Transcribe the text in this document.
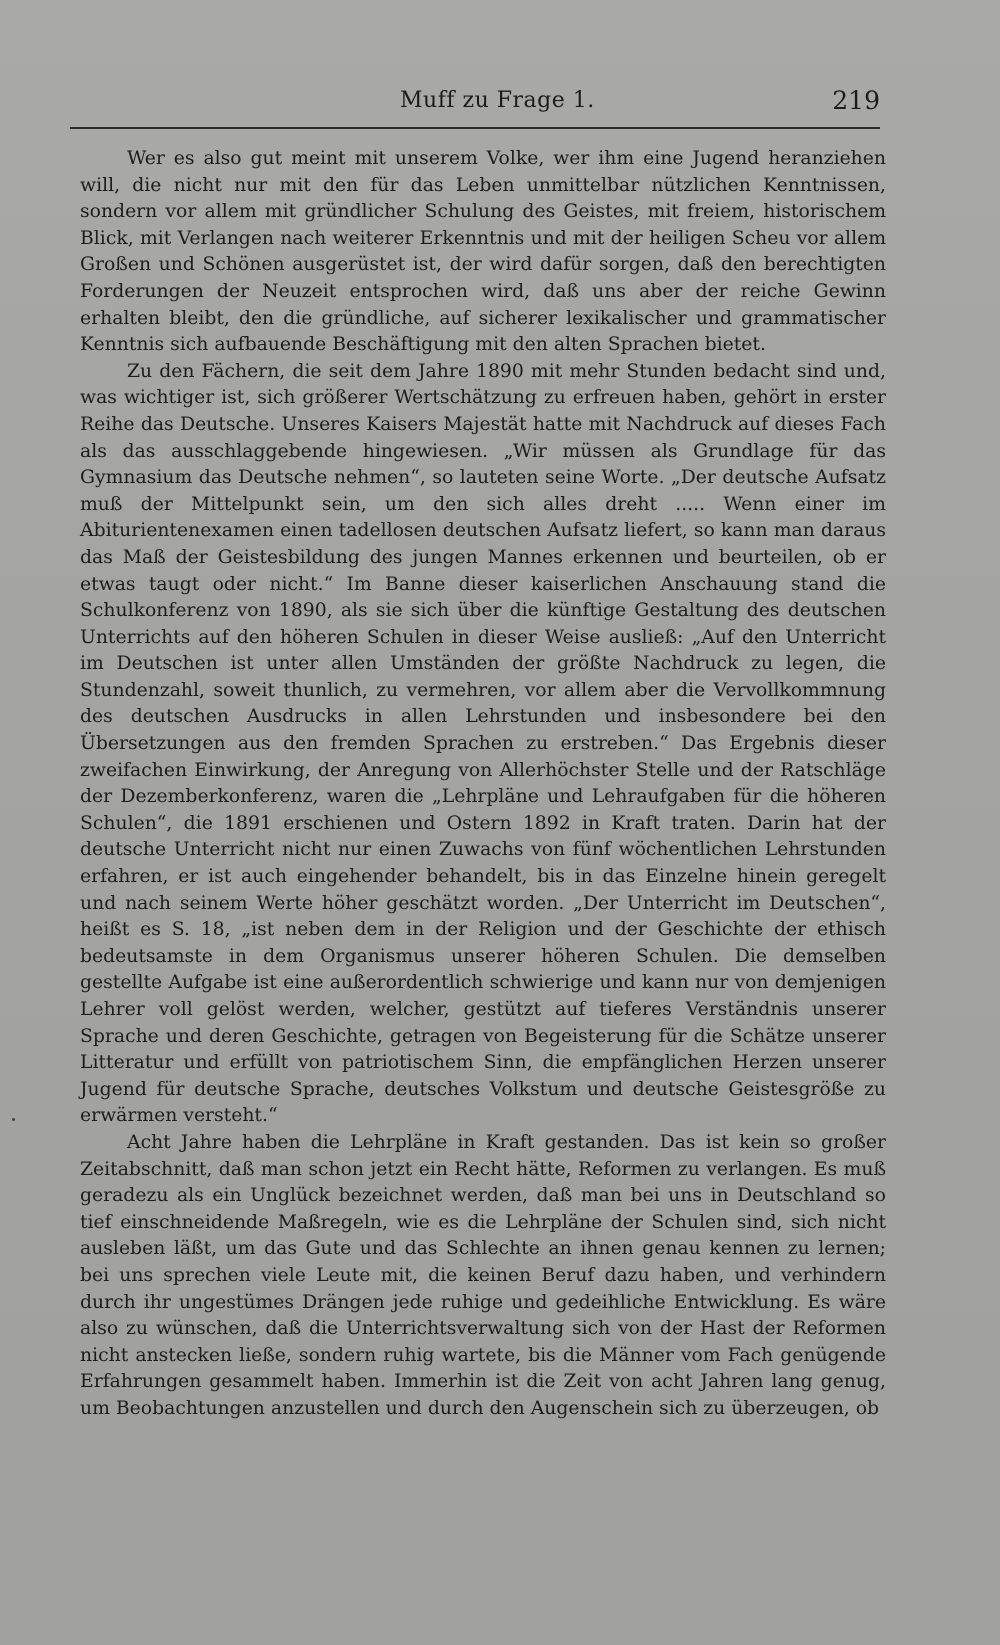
Muff zu Frage 1.	219

Wer es also gut meint mit unserem Volke, wer ihm eine Jugend heranziehen will, die nicht nur mit den für das Leben unmittelbar nützlichen Kenntnissen, sondern vor allem mit gründlicher Schulung des Geistes, mit freiem, historischem Blick, mit Verlangen nach weiterer Erkenntnis und mit der heiligen Scheu vor allem Großen und Schönen ausgerüstet ist, der wird dafür sorgen, daß den berechtigten Forderungen der Neuzeit entsprochen wird, daß uns aber der reiche Gewinn erhalten bleibt, den die gründliche, auf sicherer lexikalischer und grammatischer Kenntnis sich aufbauende Beschäftigung mit den alten Sprachen bietet.

Zu den Fächern, die seit dem Jahre 1890 mit mehr Stunden bedacht sind und, was wichtiger ist, sich größerer Wertschätzung zu erfreuen haben, gehört in erster Reihe das Deutsche. Unseres Kaisers Majestät hatte mit Nachdruck auf dieses Fach als das ausschlaggebende hingewiesen. „Wir müssen als Grundlage für das Gymnasium das Deutsche nehmen“, so lauteten seine Worte. „Der deutsche Aufsatz muß der Mittelpunkt sein, um den sich alles dreht ..... Wenn einer im Abiturientenexamen einen tadellosen deutschen Aufsatz liefert, so kann man daraus das Maß der Geistesbildung des jungen Mannes erkennen und beurteilen, ob er etwas taugt oder nicht.“ Im Banne dieser kaiserlichen Anschauung stand die Schulkonferenz von 1890, als sie sich über die künftige Gestaltung des deutschen Unterrichts auf den höheren Schulen in dieser Weise ausließ: „Auf den Unterricht im Deutschen ist unter allen Umständen der größte Nachdruck zu legen, die Stundenzahl, soweit thunlich, zu vermehren, vor allem aber die Vervollkommnung des deutschen Ausdrucks in allen Lehrstunden und insbesondere bei den Übersetzungen aus den fremden Sprachen zu erstreben.“ Das Ergebnis dieser zweifachen Einwirkung, der Anregung von Allerhöchster Stelle und der Ratschläge der Dezemberkonferenz, waren die „Lehrpläne und Lehraufgaben für die höheren Schulen“, die 1891 erschienen und Ostern 1892 in Kraft traten. Darin hat der deutsche Unterricht nicht nur einen Zuwachs von fünf wöchentlichen Lehrstunden erfahren, er ist auch eingehender behandelt, bis in das Einzelne hinein geregelt und nach seinem Werte höher geschätzt worden. „Der Unterricht im Deutschen“, heißt es S. 18, „ist neben dem in der Religion und der Geschichte der ethisch bedeutsamste in dem Organismus unserer höheren Schulen. Die demselben gestellte Aufgabe ist eine außerordentlich schwierige und kann nur von demjenigen Lehrer voll gelöst werden, welcher, gestützt auf tieferes Verständnis unserer Sprache und deren Geschichte, getragen von Begeisterung für die Schätze unserer Litteratur und erfüllt von patriotischem Sinn, die empfänglichen Herzen unserer Jugend für deutsche Sprache, deutsches Volkstum und deutsche Geistesgröße zu erwärmen versteht.“

Acht Jahre haben die Lehrpläne in Kraft gestanden. Das ist kein so großer Zeitabschnitt, daß man schon jetzt ein Recht hätte, Reformen zu verlangen. Es muß geradezu als ein Unglück bezeichnet werden, daß man bei uns in Deutschland so tief einschneidende Maßregeln, wie es die Lehrpläne der Schulen sind, sich nicht ausleben läßt, um das Gute und das Schlechte an ihnen genau kennen zu lernen; bei uns sprechen viele Leute mit, die keinen Beruf dazu haben, und verhindern durch ihr ungestümes Drängen jede ruhige und gedeihliche Entwicklung. Es wäre also zu wünschen, daß die Unterrichtsverwaltung sich von der Hast der Reformen nicht anstecken ließe, sondern ruhig wartete, bis die Männer vom Fach genügende Erfahrungen gesammelt haben. Immerhin ist die Zeit von acht Jahren lang genug, um Beobachtungen anzustellen und durch den Augenschein sich zu überzeugen, ob
